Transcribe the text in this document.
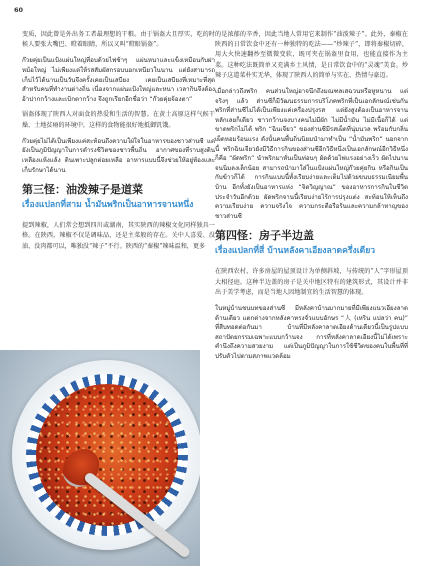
60

变质，因此曾是外出务工者最理想的干粮。由于锅盔大且厚实，吃的时候人要张大嘴巴、瞪着眼睛，所以又叫“瞪眼锅盔”。

ก๊วยคุ่ยเป็นแป้งแผ่นใหญ่ที่อบด้วยไฟช้าๆ แผ่นหนาและแข็งเหมือนกับฝาหม้อใหญ่ ไม่เพียงแต่ให้รสสัมผัสกรอบนอกเหนียวในนาน แต่ยังสามารถเก็บไว้ได้นานเป็นวันจึงครั้งเคยเป็นเสบียง เคยเป็นเสบียงที่เหมาะที่สุดสำหรับคนที่ทำงานต่างถิ่น เนื่องจากแผ่นแป้งใหญ่และหนา เวลากินจึงต้องอ้าปากกว้างและเบิกตากว้าง จึงถูกเรียกอีกชื่อว่า “ก๊วยคุ่ยจ้องตา”

锅盔体现了陕西人对面食的热爱和生活的智慧。在黄土高原这样气候干燥、土地贫瘠的环境中，这样的食物能很好地抵御饥饿。

ก๊วยคุ่ยไม่ได้เป็นเพียงแค่สะท้อนถึงความใฝ่ใจในอาหารของชาวส่านซี แต่ยังเป็นภูมิปัญญาในการดำรงชีวิตของชาวพื้นถิ่น อากาศของที่ราบสูงดินเหลืองแห้งแล้ง ดินเพาะปลูกต่อยเหลือ อาหารแบบนี้จึงช่วยให้อยู่ท้องและเก็บรักษาได้นาน

第三怪：油泼辣子是道菜
เรื่องแปลกที่สาม น้ำมันพริกเป็นอาหารจานหนึ่ง

提到辣椒，人们常会想到四川或湖南，其实陕西的辣椒文化同样独具一格。在陕西，辣椒不仅是调味品，还是主菜般的存在。关中人喜爱、没油、没肉都可以，唯独没“辣子”不行。陕西的“秦椒”辣味温和，更多

的是浓郁的辛香，因此当地人常用它来制作“油泼辣子”。此外，秦椒在陕西的日常饮食中还有一种独特的吃法——“炒辣子”，即将秦椒切碎，用大火快速翻炒至微微变软，既可夹在锅盔里食用，也能直接作为主菜。这种吃法既简单又充满乡土风情，是日常饮食中的“灵魂”美食。炒辣子这道菜朴实无华，体现了陕西人的简单与实在、热情与豪迈。

เมื่อกล่าวถึงพริก คนส่วนใหญ่อาจนึกถึงมณฑลเสฉวนหรือหูหนาน แต่จริงๆ แล้ว ส่านซีก็มีวัฒนธรรมการบริโภคพริกที่เป็นเอกลักษณ์เช่นกัน พริกที่ส่านซีไม่ได้เป็นเพียงแค่เครื่องปรุงรส แต่ยังสูงต้องเป็นอาหารจานหลักเลยก็เดียว ชาวกว้านจงบางคนไม่มีผัก ไม่มีน้ำมัน ไม่มีเนื้อก็ได้ แต่ขาดพริกไม่ได้ พริก “ฉินเจียว” ของส่านซีมีรสเผ็ดที่นุ่มนวล พร้อมกับกลิ่นเผ็ดหอมร้อนแรง ดังนั้นคนพื้นถิ่นนิยมนำมาทำเป็น “น้ำมันพริก” นอกจากนี้ พริกฉินเจียวยังมีวิธีการกินของส่านซีอีกวิธีหนึ่งเป็นเอกลักษณ์อีกวิธีหนึ่ง ก็คือ “ผัดพริก” นำพริกมาหั่นเป็นท่อนๆ ผัดด้วยไฟแรงอย่างเร็ว ผัดไปนานจนนิ่มลงเล็กน้อย สามารถนำมาใส่ในแป้งแผ่นใหญ่ก๊วยคุ่ยกิน หรือกินเป็นกับข้าวก็ได้ การกินแบบนี้ทั้งเรียบง่ายและเต็มไปด้วยขนบธรรมเนียมพื้นบ้าน อีกทั้งยังเป็นอาหารแห่ง “จิตวิญญาณ” ของอาหารการกินในชีวิตประจำวันอีกด้วย ผัดพริกจานนี้เรียบง่ายไร้การปรุงแต่ง สะท้อนให้เห็นถึงความเรียบง่าย ความจริงใจ ความกระตือรือร้นและความกล้าหาญของชาวส่านซี

第四怪：房子半边盖
เรื่องแปลกที่สี่ บ้านหลังคาเอียงลาดครึ่งเดียว

在陕西农村，许多房屋的屋顶设计为单侧斜坡，与传统的“人”字形屋顶大相径庭。这种半边盖的房子是关中地区特有的建筑形式，其设计并非出于美学考虑，而是当地人因地制宜的生活智慧的体现。

ในหมู่บ้านชนบทของส่านซี มีหลังคาบ้านมากมายที่มีเพียงแนวเอียงลาดด้านเดียว แตกต่างจากหลังคาทรงจั่วแบบอักษร “人 (เหริน แปลว่า คน)” ที่สืบทอดต่อกันมา บ้านที่มีหลังคาลาดเอียงด้านเดียวนี้เป็นรูปแบบสถาปัตยกรรมเฉพาะแบบกว้านจง การที่หลังคาลาดเอียงนี้ไม่ได้เพราะคำนึงถึงความสวยงาม แต่เป็นภูมิปัญญาในการใช้ชีวิตของคนในพื้นที่ที่ปรับตัวไปตามสภาพแวดล้อม
